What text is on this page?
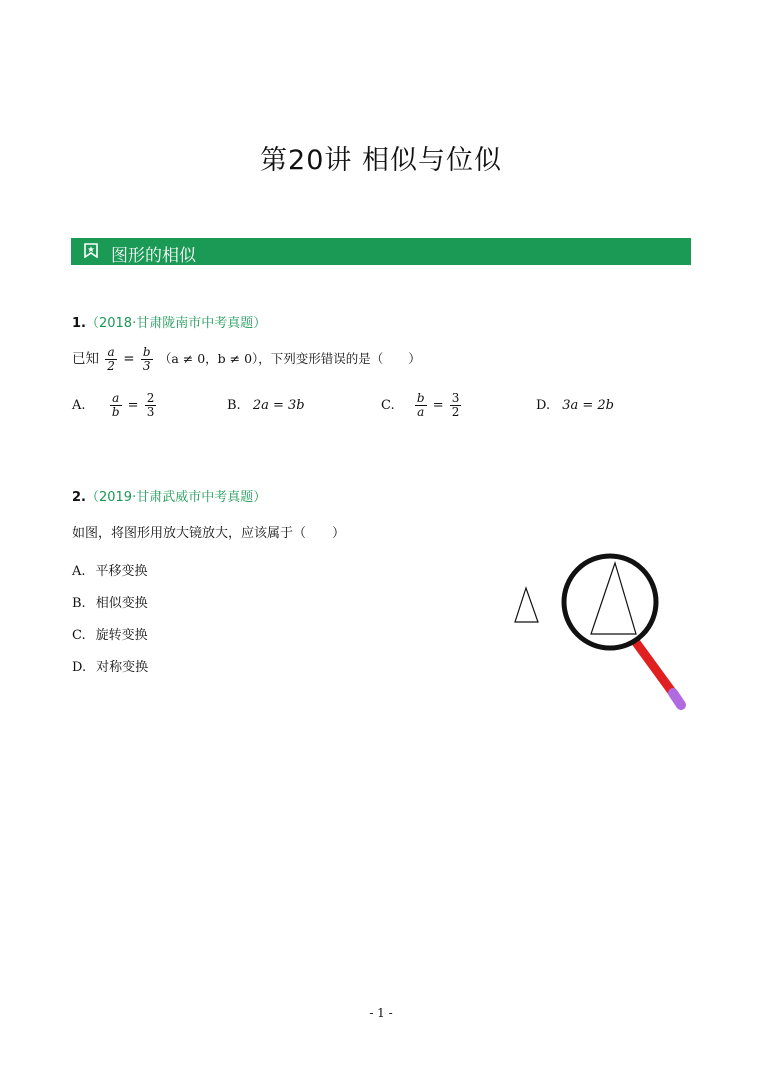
第20讲 相似与位似
图形的相似
1.（2018·甘肃陇南市中考真题）
已知 $\frac{a}{2} = \frac{b}{3} (a \ne 0$，b ≠ 0），下列变形错误的是（　　）
A. $\frac{a}{b} = \frac{2}{3}$	B. 2a = 3b	C. $\frac{b}{a} = \frac{3}{2}$	D. 3a = 2b
2.（2019·甘肃武威市中考真题）
如图，将图形用放大镜放大，应该属于（　　）
A. 平移变换
B. 相似变换
C. 旋转变换
D. 对称变换
- 1 -
